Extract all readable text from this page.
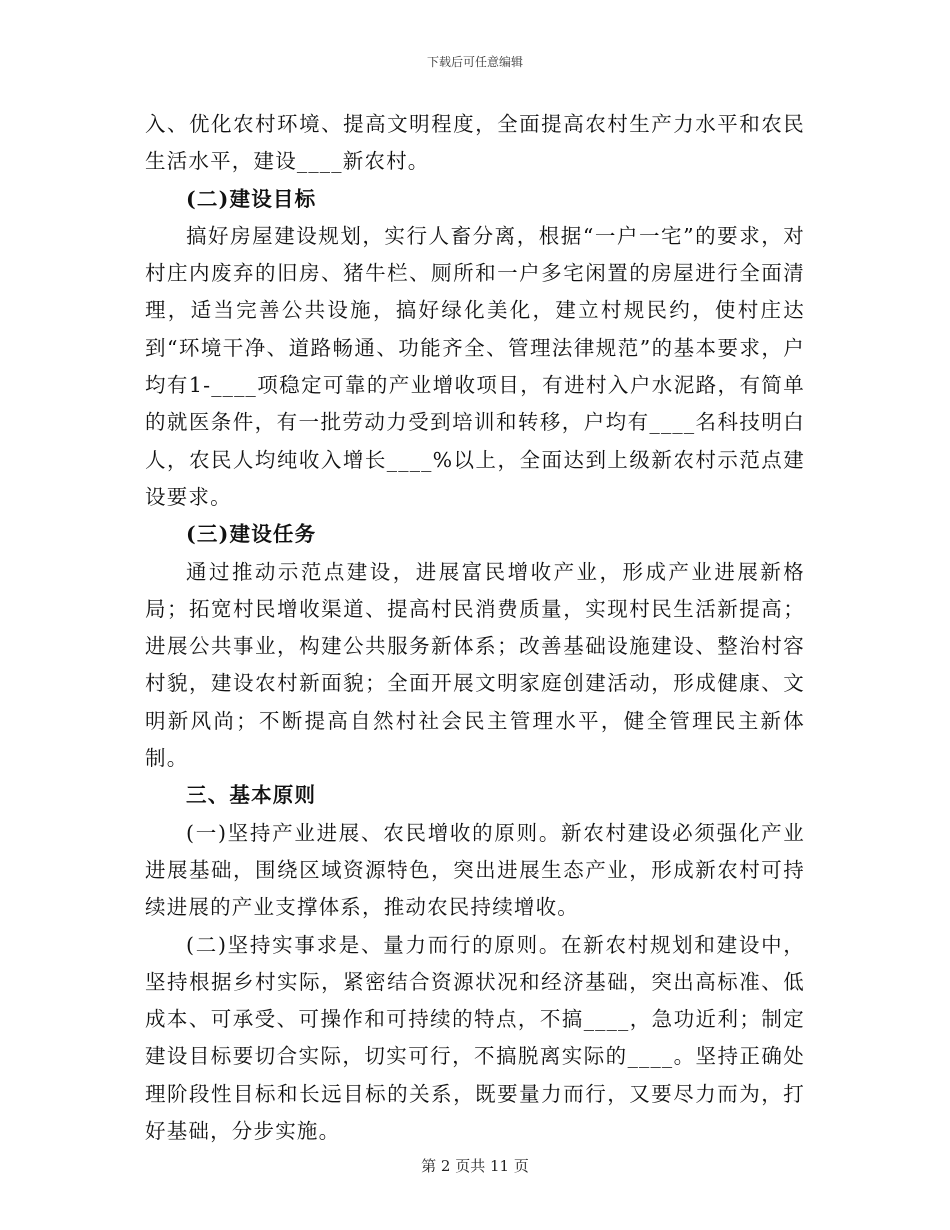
下载后可任意编辑

入、优化农村环境、提高文明程度，全面提高农村生产力水平和农民生活水平，建设____新农村。

(二)建设目标

搞好房屋建设规划，实行人畜分离，根据“一户一宅”的要求，对村庄内废弃的旧房、猪牛栏、厕所和一户多宅闲置的房屋进行全面清理，适当完善公共设施，搞好绿化美化，建立村规民约，使村庄达到“环境干净、道路畅通、功能齐全、管理法律规范”的基本要求，户均有1-____项稳定可靠的产业增收项目，有进村入户水泥路，有简单的就医条件，有一批劳动力受到培训和转移，户均有____名科技明白人，农民人均纯收入增长____%以上，全面达到上级新农村示范点建设要求。

(三)建设任务

通过推动示范点建设，进展富民增收产业，形成产业进展新格局；拓宽村民增收渠道、提高村民消费质量，实现村民生活新提高；进展公共事业，构建公共服务新体系；改善基础设施建设、整治村容村貌，建设农村新面貌；全面开展文明家庭创建活动，形成健康、文明新风尚；不断提高自然村社会民主管理水平，健全管理民主新体制。

三、基本原则

(一)坚持产业进展、农民增收的原则。新农村建设必须强化产业进展基础，围绕区域资源特色，突出进展生态产业，形成新农村可持续进展的产业支撑体系，推动农民持续增收。

(二)坚持实事求是、量力而行的原则。在新农村规划和建设中，坚持根据乡村实际，紧密结合资源状况和经济基础，突出高标准、低成本、可承受、可操作和可持续的特点，不搞____，急功近利；制定建设目标要切合实际，切实可行，不搞脱离实际的____。坚持正确处理阶段性目标和长远目标的关系，既要量力而行，又要尽力而为，打好基础，分步实施。

第 2 页共 11 页
